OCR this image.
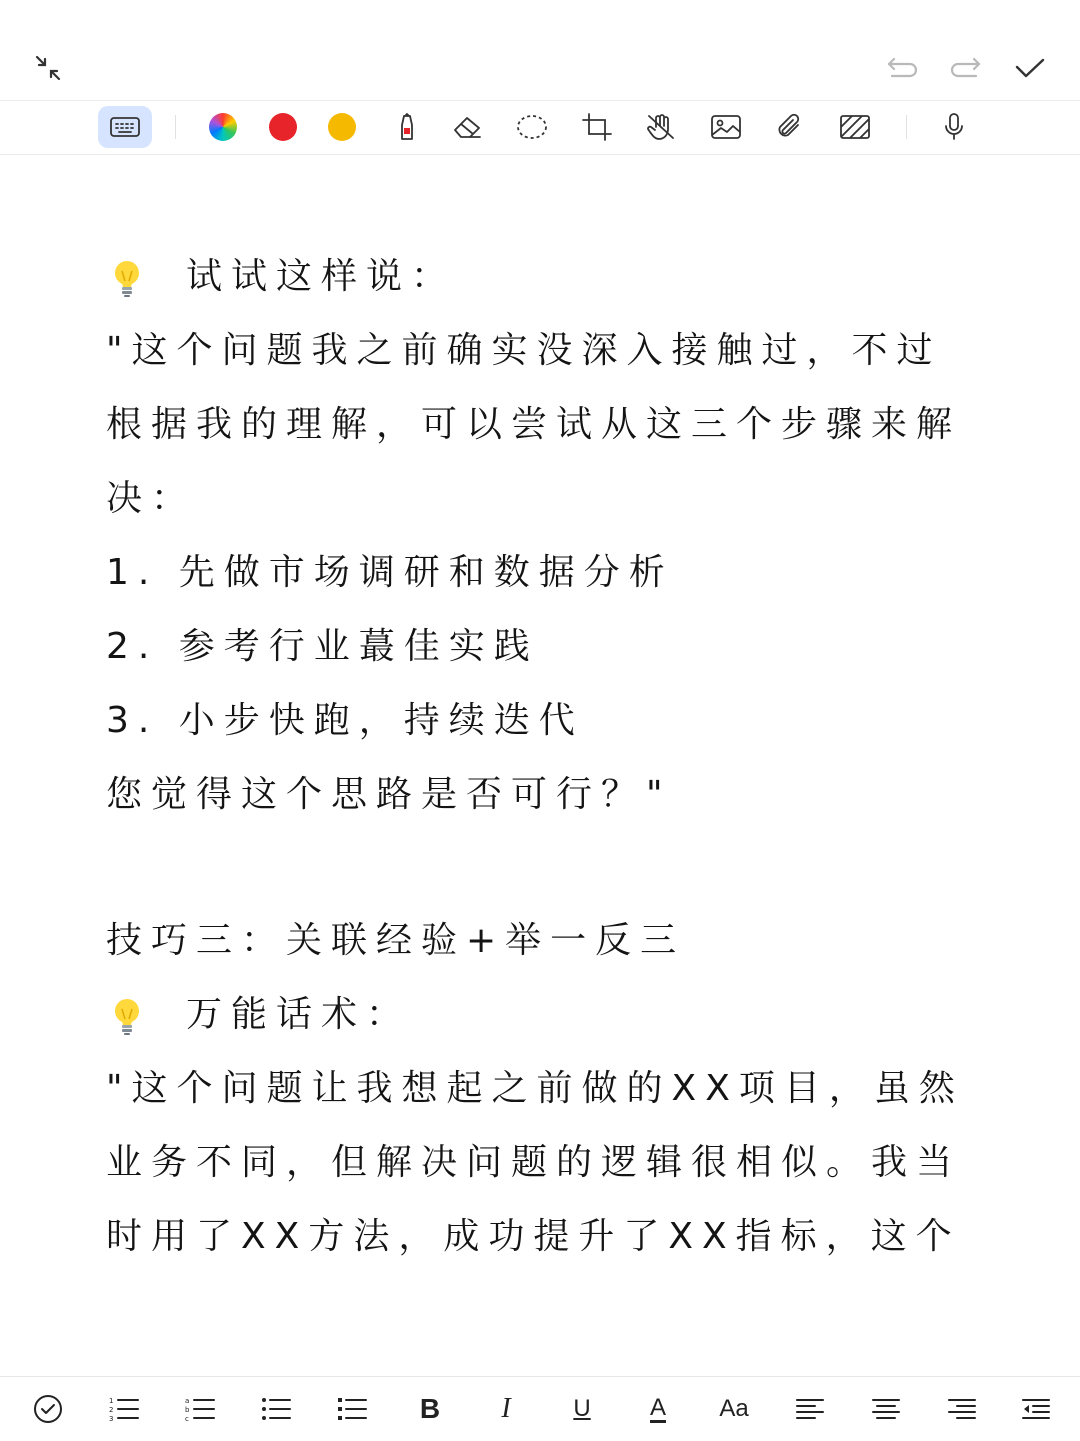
试试这样说：
"这个问题我之前确实没深入接触过，不过
根据我的理解，可以尝试从这三个步骤来解
决：
1. 先做市场调研和数据分析
2. 参考行业蕞佳实践
3. 小步快跑，持续迭代
您觉得这个思路是否可行？"
技巧三：关联经验+举一反三
万能话术：
"这个问题让我想起之前做的XX项目，虽然
业务不同，但解决问题的逻辑很相似。我当
时用了XX方法，成功提升了XX指标，这个
1
2
3
a
b
c	B I	U A Aa
